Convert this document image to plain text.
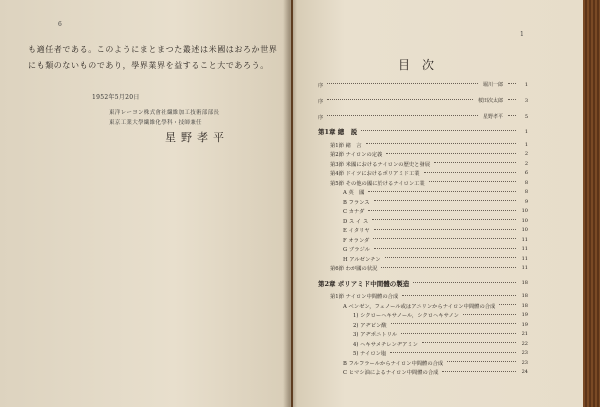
6
も適任者である。このようにまとまつた叢述は米國はおろか世界
にも類のないものであり，學界業界を益すること大であろう。
1952年5月20日
東洋レーヨン株式會社繊維加工技術部部長
東京工業大學繊維化學科・技師兼任
星野孝平
1
目次
序	堀川一郎	1
序	桜田次太郎	3
序	星野孝平	5
第1章 總　説	1
第1節 緒　言	1
第2節 ナイロンの定義	2
第3節 米國におけるナイロンの歴史と發展	2
第4節 ドイツにおけるポリアミド工業	6
第5節 その他の國に於けるナイロン工業	8
A 英　國	8
B フランス	9
C カナダ	10
D ス イ ス	10
E イタリヤ	10
F オランダ	11
G ブラジル	11
H アルゼンチン	11
第6節 わが國の状況	11
第2章 ポリアミド中間體の製造	18
第1節 ナイロン中間體の合成	18
A ベンゼン，フェノール或はアニリンからナイロン中間體の合成	18
1) シクローヘキサノール，シクロヘキサノン	19
2) アヂピン酸	19
3) アヂポニトリル	21
4) ヘキサメチレンヂアミン	22
5) ナイロン塩	23
B フルフラールからナイロン中間體の合成	23
C ヒマシ油によるナイロン中間體の合成	24
